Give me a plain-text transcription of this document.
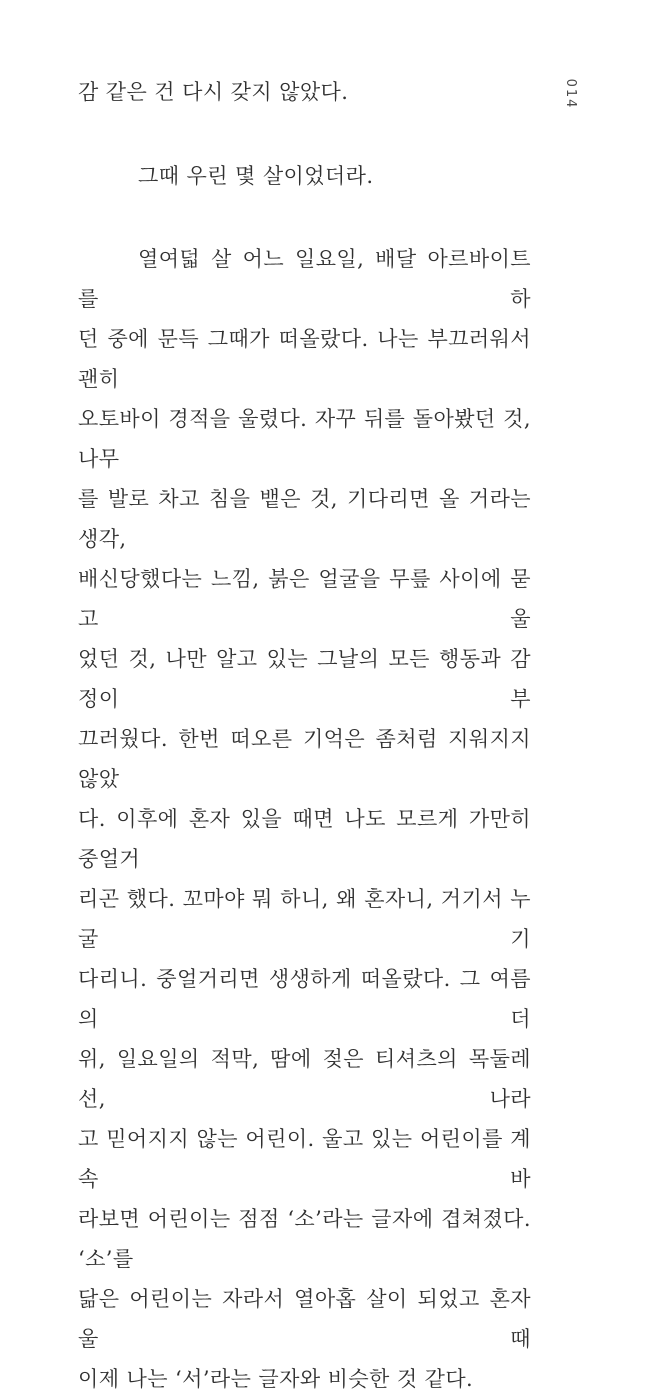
014
감 같은 건 다시 갖지 않았다.
그때 우린 몇 살이었더라.
열여덟 살 어느 일요일, 배달 아르바이트를 하
던 중에 문득 그때가 떠올랐다. 나는 부끄러워서 괜히
오토바이 경적을 울렸다. 자꾸 뒤를 돌아봤던 것, 나무
를 발로 차고 침을 뱉은 것, 기다리면 올 거라는 생각,
배신당했다는 느낌, 붉은 얼굴을 무릎 사이에 묻고 울
었던 것, 나만 알고 있는 그날의 모든 행동과 감정이 부
끄러웠다. 한번 떠오른 기억은 좀처럼 지워지지 않았
다. 이후에 혼자 있을 때면 나도 모르게 가만히 중얼거
리곤 했다. 꼬마야 뭐 하니, 왜 혼자니, 거기서 누굴 기
다리니. 중얼거리면 생생하게 떠올랐다. 그 여름의 더
위, 일요일의 적막, 땀에 젖은 티셔츠의 목둘레선, 나라
고 믿어지지 않는 어린이. 울고 있는 어린이를 계속 바
라보면 어린이는 점점 ‘소’라는 글자에 겹쳐졌다. ‘소’를
닮은 어린이는 자라서 열아홉 살이 되었고 혼자 울 때
이제 나는 ‘서’라는 글자와 비슷한 것 같다.
